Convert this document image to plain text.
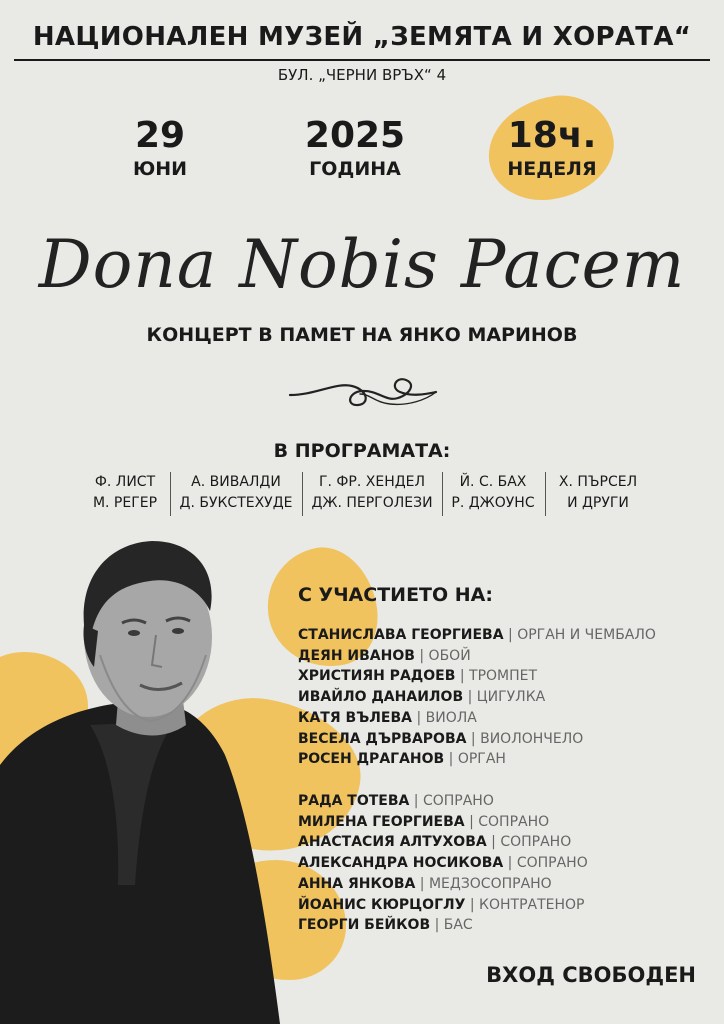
НАЦИОНАЛЕН МУЗЕЙ „ЗЕМЯТА И ХОРАТА“
БУЛ. „ЧЕРНИ ВРЪХ“ 4
29
ЮНИ
2025
ГОДИНА
18ч.
НЕДЕЛЯ
Dona Nobis Pacem
КОНЦЕРТ В ПАМЕТ НА ЯНКО МАРИНОВ
В ПРОГРАМАТА:
Ф. ЛИСТ
М. РЕГЕР
А. ВИВАЛДИ
Д. БУКСТЕХУДЕ
Г. ФР. ХЕНДЕЛ
ДЖ. ПЕРГОЛЕЗИ
Й. С. БАХ
Р. ДЖОУНС
Х. ПЪРСЕЛ
И ДРУГИ
С УЧАСТИЕТО НА:
СТАНИСЛАВА ГЕОРГИЕВА | ОРГАН И ЧЕМБАЛО
ДЕЯН ИВАНОВ | ОБОЙ
ХРИСТИЯН РАДОЕВ | ТРОМПЕТ
ИВАЙЛО ДАНАИЛОВ | ЦИГУЛКА
КАТЯ ВЪЛЕВА | ВИОЛА
ВЕСЕЛА ДЪРВАРОВА | ВИОЛОНЧЕЛО
РОСЕН ДРАГАНОВ | ОРГАН
РАДА ТОТЕВА | СОПРАНО
МИЛЕНА ГЕОРГИЕВА | СОПРАНО
АНАСТАСИЯ АЛТУХОВА | СОПРАНО
АЛЕКСАНДРА НОСИКОВА | СОПРАНО
АННА ЯНКОВА | МЕДЗОСОПРАНО
ЙОАНИС КЮРЦОГЛУ | КОНТРАТЕНОР
ГЕОРГИ БЕЙКОВ | БАС
ВХОД СВОБОДЕН
